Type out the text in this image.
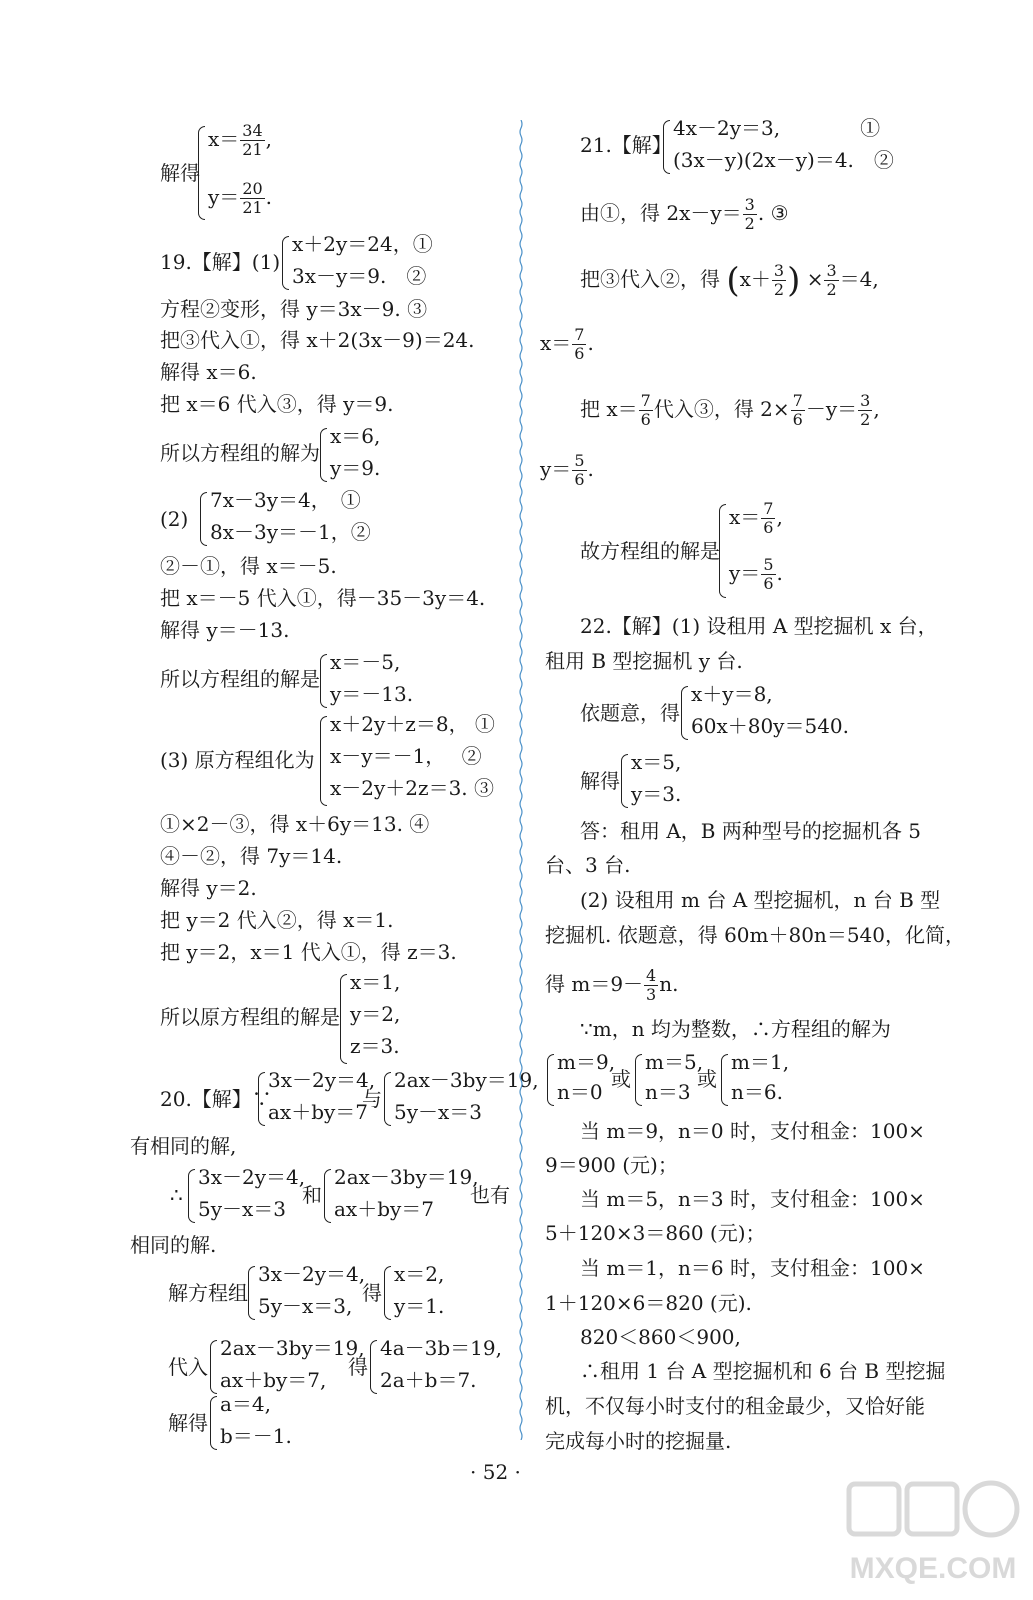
解得
$x= \frac{34}{21}$ ,
$y= \frac{20}{21}$ .
19.【解】(1)
x＋2y＝24，①
3x－y＝9.　②
方程②变形，得 y＝3x－9. ③
把③代入①，得 x＋2(3x－9)＝24.
解得 x＝6.
把 x＝6 代入③，得 y＝9.
所以方程组的解为
x＝6,
y＝9.
(2)
7x－3y＝4，　①
8x－3y＝－1，②
②－①，得 x＝－5.
把 x＝－5 代入①，得－35－3y＝4.
解得 y＝－13.
所以方程组的解是
x＝－5,
y＝－13.
(3) 原方程组化为
x＋2y＋z＝8， ①
x－y＝－1，　 ②
x－2y＋2z＝3. ③
①×2－③，得 x＋6y＝13. ④
④－②，得 7y＝14.
解得 y＝2.
把 y＝2 代入②，得 x＝1.
把 y＝2，x＝1 代入①，得 z＝3.
所以原方程组的解是
x＝1,
y＝2,
z＝3.
20.【解】∵
3x－2y＝4,
ax＋by＝7
与
2ax－3by＝19,
5y－x＝3
有相同的解,
∴
3x－2y＝4,
5y－x＝3
和
2ax－3by＝19,
ax＋by＝7
也有
相同的解.
解方程组
3x－2y＝4,
5y－x＝3,
得
x＝2,
y＝1.
代入
2ax－3by＝19,
ax＋by＝7,
得
4a－3b＝19,
2a＋b＝7.
解得
a＝4,
b＝－1.
21.【解】
4x－2y＝3,　　　　①
(3x－y)(2x－y)＝4.　②
由①，得 $2x-y= \frac{3}{2}$ . ③
把③代入②，得 ($x+ \frac{3}{2}$ ) × $\frac{3}{2} =4$,
$x= \frac{7}{6}$ .
把 $x= \frac{7}{6}$ 代入③，得 $2\times \frac{7}{6} -y= \frac{3}{2}$ ,
$y= \frac{5}{6}$ .
故方程组的解是
$x= \frac{7}{6}$ ,
$y= \frac{5}{6}$ .
22.【解】(1) 设租用 A 型挖掘机 x 台，
租用 B 型挖掘机 y 台.
依题意，得
x＋y＝8,
60x＋80y＝540.
解得
x＝5,
y＝3.
答：租用 A，B 两种型号的挖掘机各 5
台、3 台.
(2) 设租用 m 台 A 型挖掘机，n 台 B 型
挖掘机. 依题意，得 60m＋80n＝540，化简，
得 $m=9- \frac{4}{3} n$.
∵m，n 均为整数，∴方程组的解为
m＝9,
n＝0
或
m＝5,
n＝3
或
m＝1,
n＝6.
当 m＝9，n＝0 时，支付租金：100×
9＝900 (元)；
当 m＝5，n＝3 时，支付租金：100×
5＋120×3＝860 (元)；
当 m＝1，n＝6 时，支付租金：100×
1＋120×6＝820 (元).
820＜860＜900,
∴租用 1 台 A 型挖掘机和 6 台 B 型挖掘
机，不仅每小时支付的租金最少，又恰好能
完成每小时的挖掘量.
· 52 ·
MXQE.COM
